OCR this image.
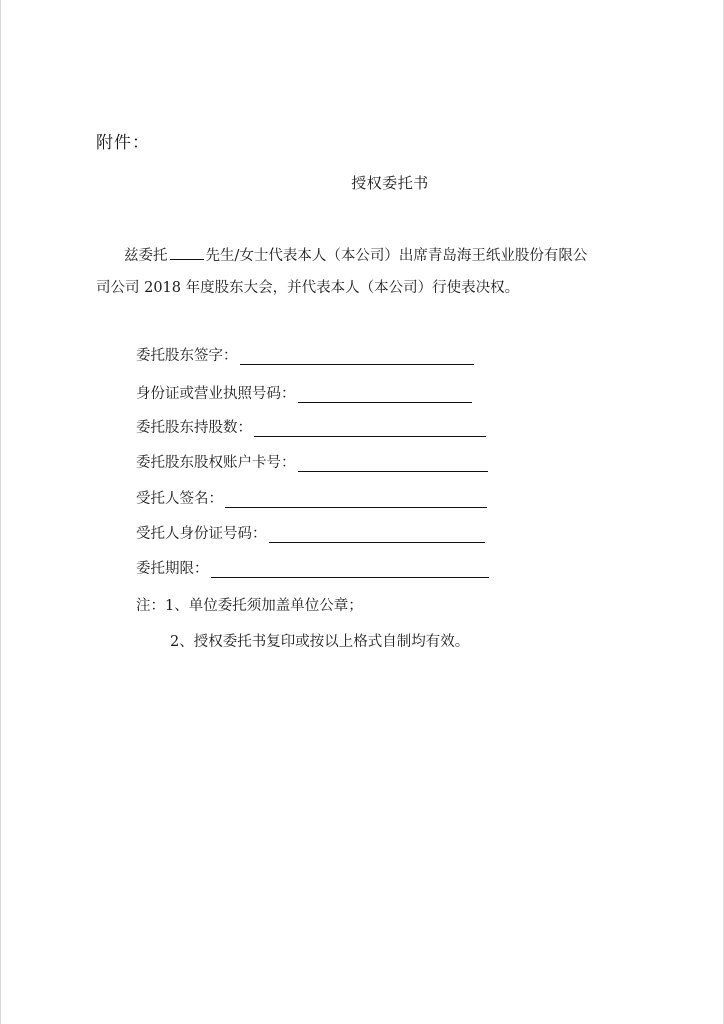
附件：
授权委托书
兹委托	先生/女士代表本人（本公司）出席青岛海王纸业股份有限公
司公司 2018 年度股东大会，并代表本人（本公司）行使表决权。
委托股东签字：
身份证或营业执照号码：
委托股东持股数：
委托股东股权账户卡号：
受托人签名：
受托人身份证号码：
委托期限：
注：1、单位委托须加盖单位公章；
2、授权委托书复印或按以上格式自制均有效。
